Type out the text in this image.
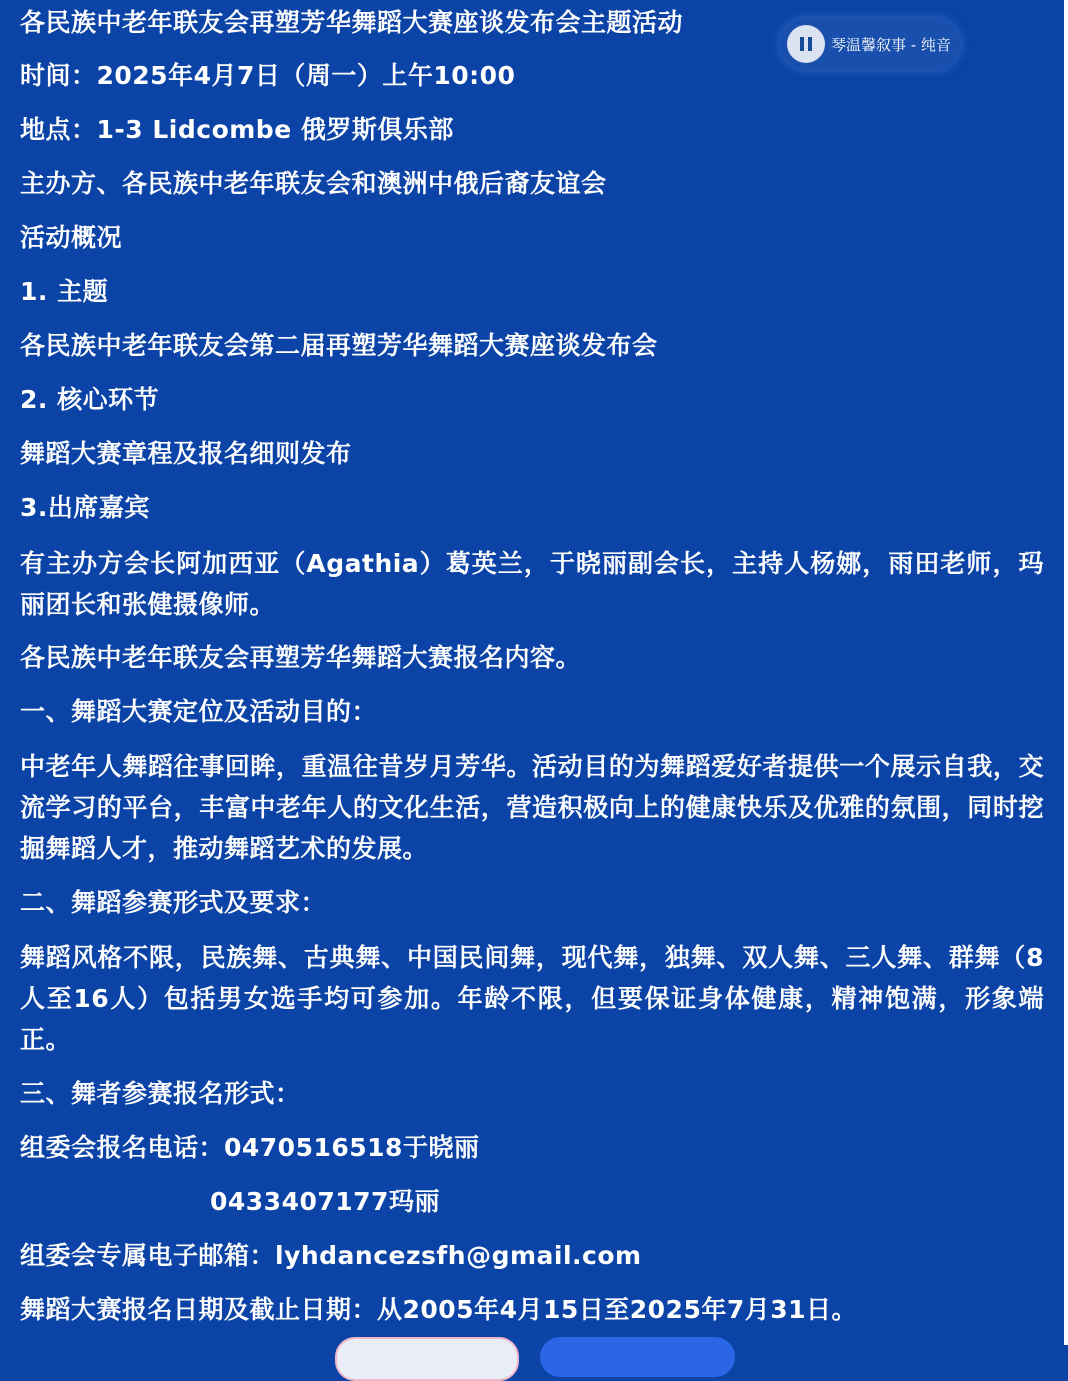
各民族中老年联友会再塑芳华舞蹈大赛座谈发布会主题活动
时间：2025年4月7日（周一）上午10:00
地点：1-3 Lidcombe 俄罗斯俱乐部
主办方、各民族中老年联友会和澳洲中俄后裔友谊会
活动概况
1. 主题
各民族中老年联友会第二届再塑芳华舞蹈大赛座谈发布会
2. 核心环节
舞蹈大赛章程及报名细则发布
3.出席嘉宾
有主办方会长阿加西亚（Agathia）葛英兰，于晓丽副会长，主持人杨娜，雨田老师，玛丽团长和张健摄像师。
各民族中老年联友会再塑芳华舞蹈大赛报名内容。
一、舞蹈大赛定位及活动目的：
中老年人舞蹈往事回眸，重温往昔岁月芳华。活动目的为舞蹈爱好者提供一个展示自我，交流学习的平台，丰富中老年人的文化生活，营造积极向上的健康快乐及优雅的氛围，同时挖掘舞蹈人才，推动舞蹈艺术的发展。
二、舞蹈参赛形式及要求：
舞蹈风格不限，民族舞、古典舞、中国民间舞，现代舞，独舞、双人舞、三人舞、群舞（8人至16人）包括男女选手均可参加。年龄不限，但要保证身体健康，精神饱满，形象端正。
三、舞者参赛报名形式：
组委会报名电话：0470516518于晓丽
0433407177玛丽
组委会专属电子邮箱：lyhdancezsfh@gmail.com
舞蹈大赛报名日期及截止日期：从2005年4月15日至2025年7月31日。
琴温馨叙事 - 纯音
